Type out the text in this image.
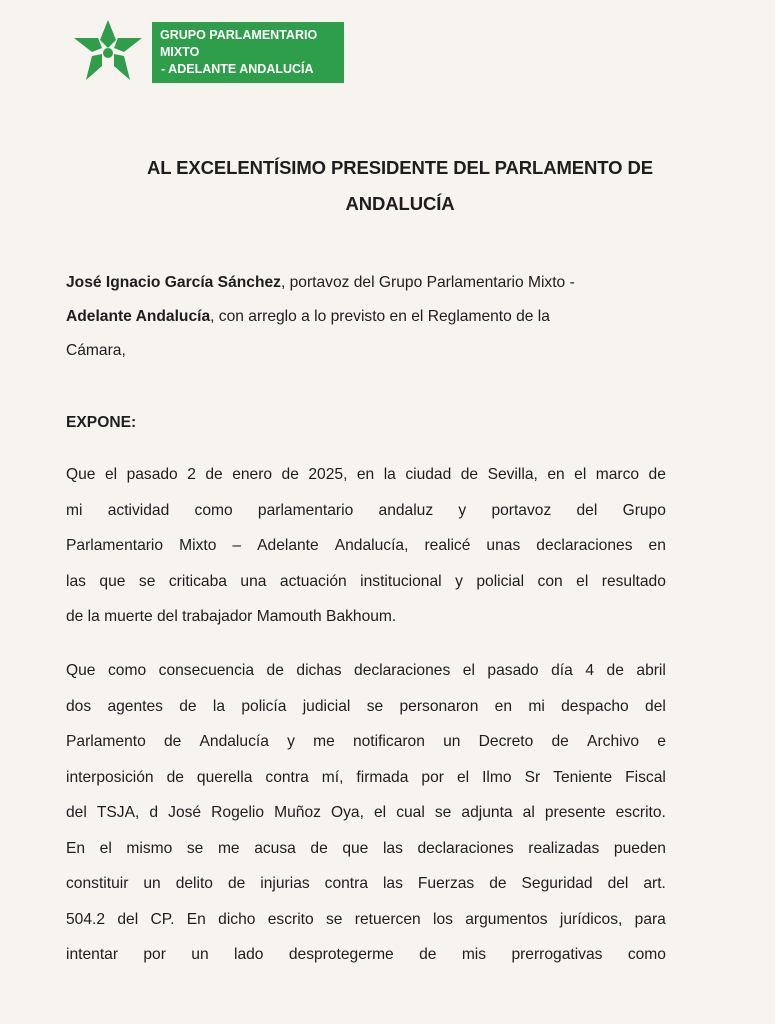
GRUPO PARLAMENTARIO MIXTO
- ADELANTE ANDALUCÍA
AL EXCELENTÍSIMO PRESIDENTE DEL PARLAMENTO DE
ANDALUCÍA
José Ignacio García Sánchez, portavoz del Grupo Parlamentario Mixto -
Adelante Andalucía, con arreglo a lo previsto en el Reglamento de la
Cámara,
EXPONE:
Que el pasado 2 de enero de 2025, en la ciudad de Sevilla, en el marco de
mi actividad como parlamentario andaluz y portavoz del Grupo
Parlamentario Mixto – Adelante Andalucía, realicé unas declaraciones en
las que se criticaba una actuación institucional y policial con el resultado
de la muerte del trabajador Mamouth Bakhoum.
Que como consecuencia de dichas declaraciones el pasado día 4 de abril
dos agentes de la policía judicial se personaron en mi despacho del
Parlamento de Andalucía y me notificaron un Decreto de Archivo e
interposición de querella contra mí, firmada por el Ilmo Sr Teniente Fiscal
del TSJA, d José Rogelio Muñoz Oya, el cual se adjunta al presente escrito.
En el mismo se me acusa de que las declaraciones realizadas pueden
constituir un delito de injurias contra las Fuerzas de Seguridad del art.
504.2 del CP. En dicho escrito se retuercen los argumentos jurídicos, para
intentar por un lado desprotegerme de mis prerrogativas como
